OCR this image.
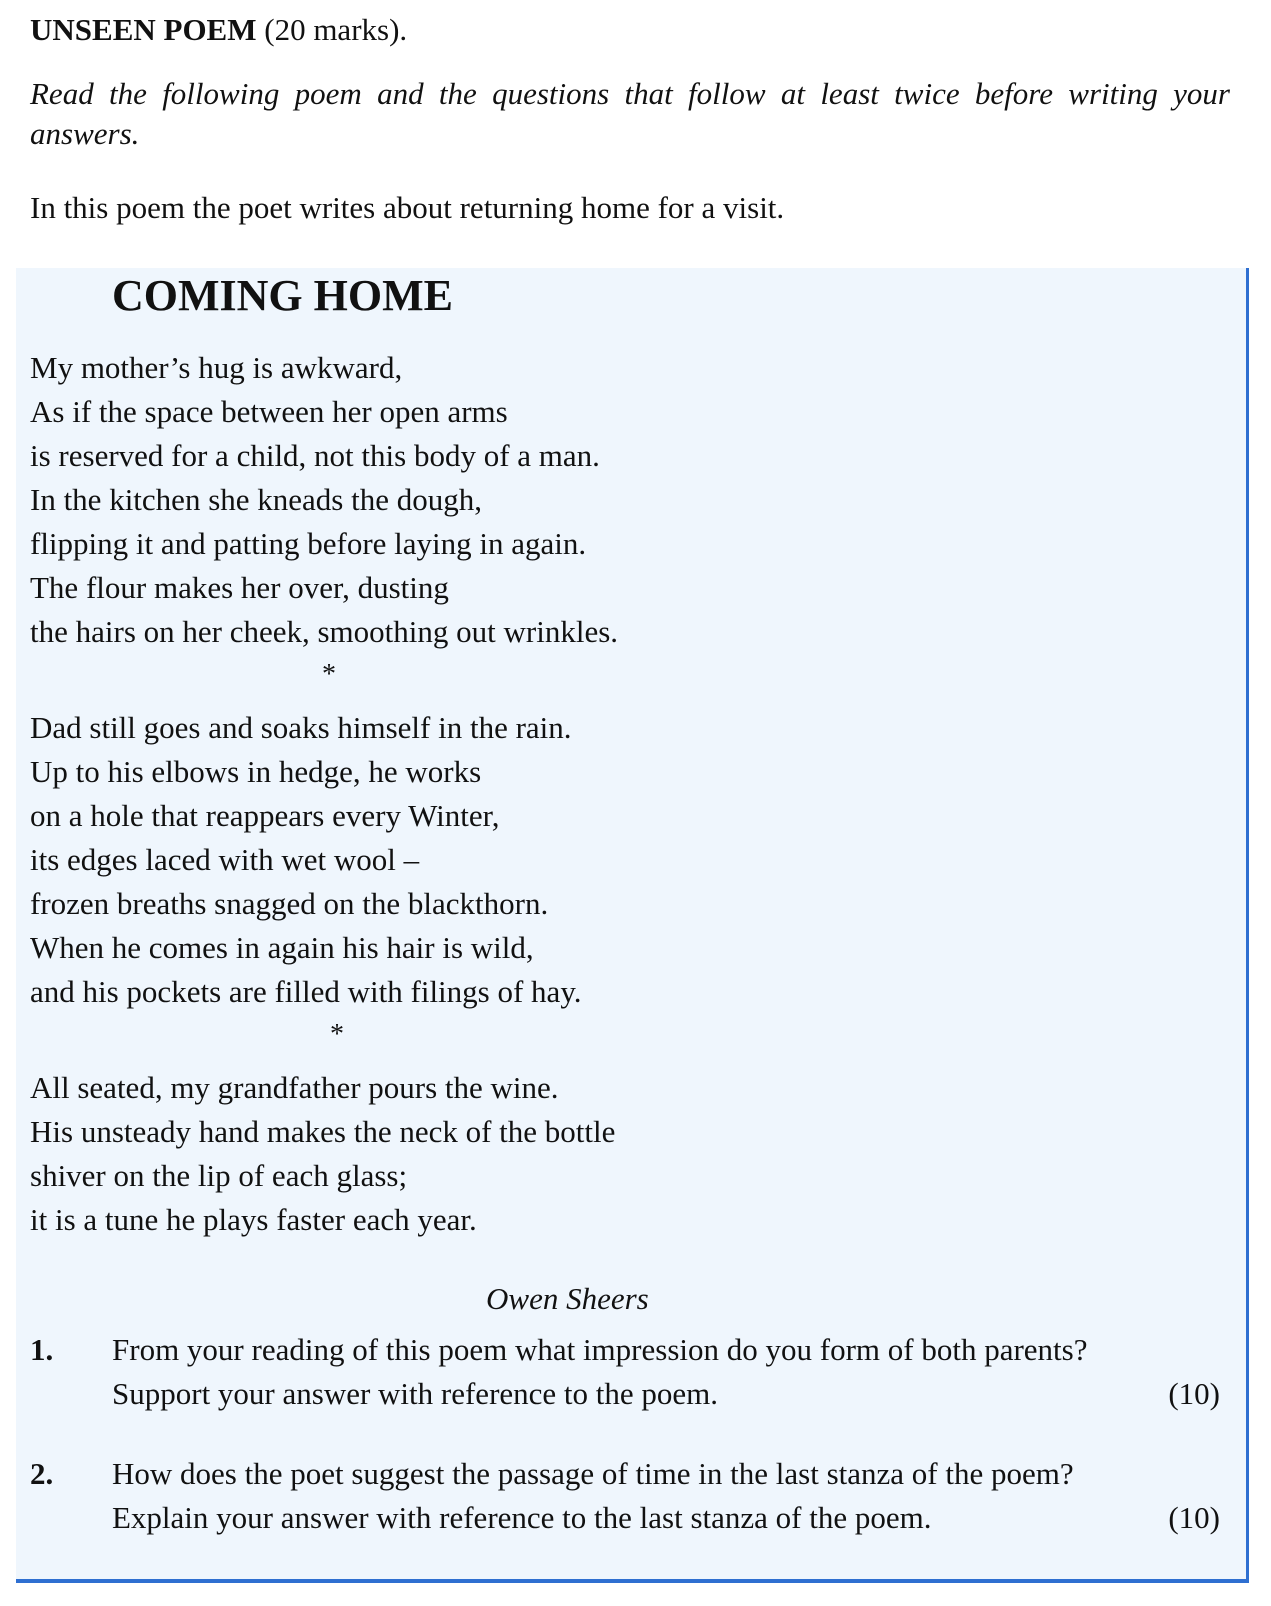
UNSEEN POEM (20 marks).
Read the following poem and the questions that follow at least twice before writing your answers.
In this poem the poet writes about returning home for a visit.
COMING HOME
My mother’s hug is awkward,
As if the space between her open arms
is reserved for a child, not this body of a man.
In the kitchen she kneads the dough,
flipping it and patting before laying in again.
The flour makes her over, dusting
the hairs on her cheek, smoothing out wrinkles.
*
Dad still goes and soaks himself in the rain.
Up to his elbows in hedge, he works
on a hole that reappears every Winter,
its edges laced with wet wool –
frozen breaths snagged on the blackthorn.
When he comes in again his hair is wild,
and his pockets are filled with filings of hay.
*
All seated, my grandfather pours the wine.
His unsteady hand makes the neck of the bottle
shiver on the lip of each glass;
it is a tune he plays faster each year.
Owen Sheers
1. From your reading of this poem what impression do you form of both parents?
Support your answer with reference to the poem.	(10)
2. How does the poet suggest the passage of time in the last stanza of the poem?
Explain your answer with reference to the last stanza of the poem.	(10)
